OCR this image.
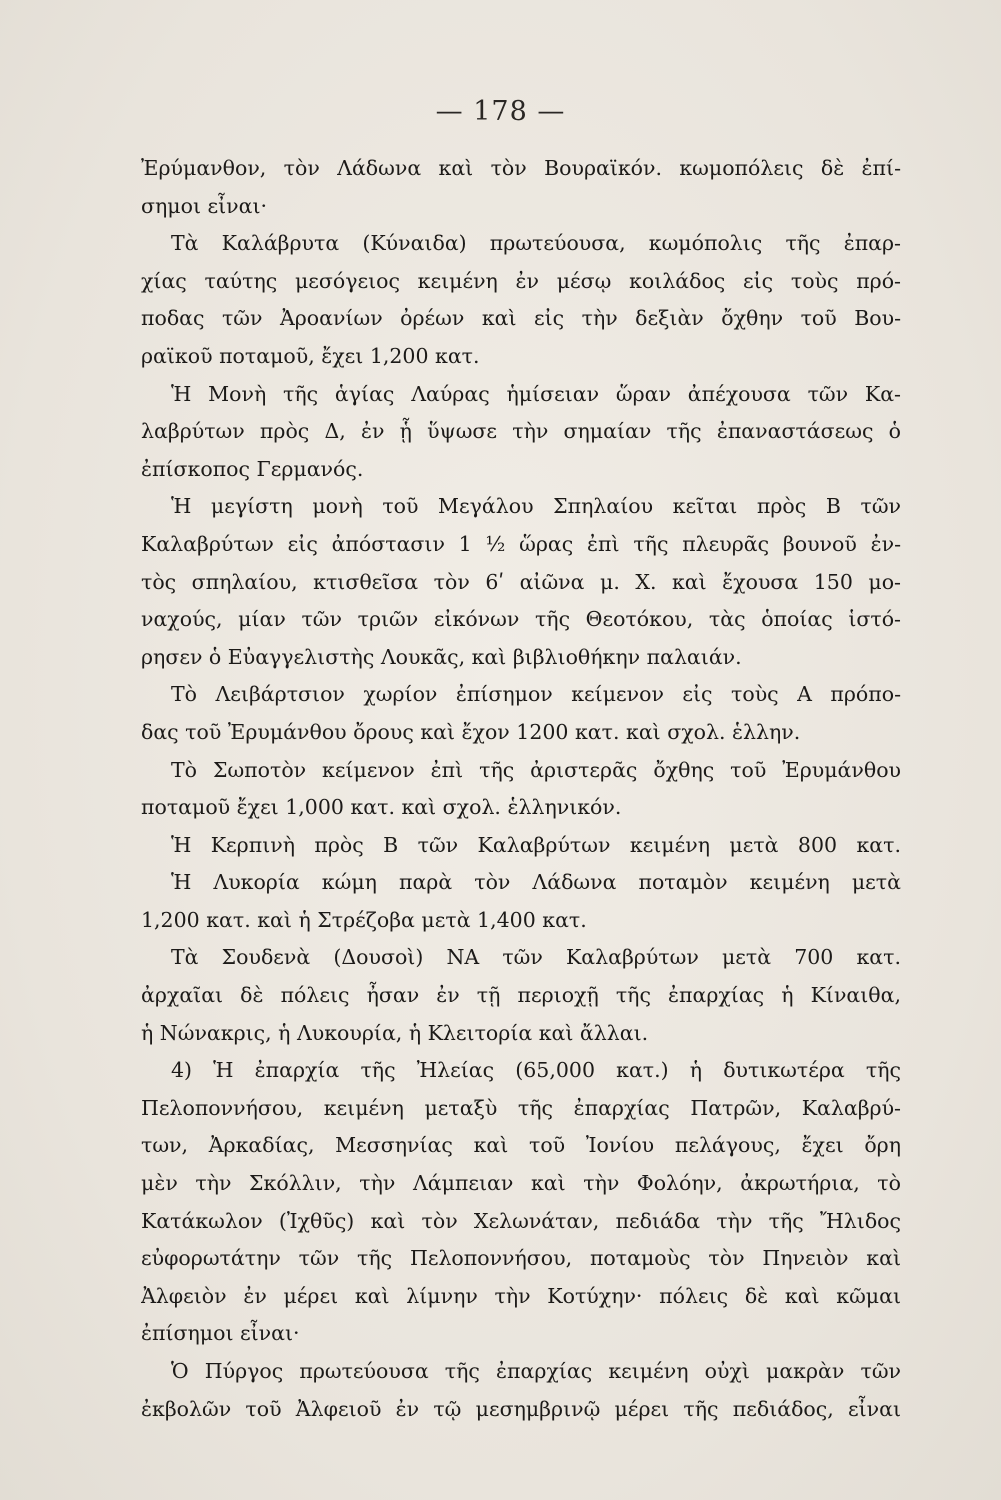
— 178 —
Ἐρύμανθον, τὸν Λάδωνα καὶ τὸν Βουραϊκόν. κωμοπόλεις δὲ ἐπί-
σημοι εἶναι·
Τὰ Καλάβρυτα (Κύναιδα) πρωτεύουσα, κωμόπολις τῆς ἐπαρ-
χίας ταύτης μεσόγειος κειμένη ἐν μέσῳ κοιλάδος εἰς τοὺς πρό-
ποδας τῶν Ἀροανίων ὀρέων καὶ εἰς τὴν δεξιὰν ὄχθην τοῦ Βου-
ραϊκοῦ ποταμοῦ, ἔχει 1,200 κατ.
Ἡ Μονὴ τῆς ἁγίας Λαύρας ἡμίσειαν ὥραν ἀπέχουσα τῶν Κα-
λαβρύτων πρὸς Δ, ἐν ᾗ ὕψωσε τὴν σημαίαν τῆς ἐπαναστάσεως ὁ
ἐπίσκοπος Γερμανός.
Ἡ μεγίστη μονὴ τοῦ Μεγάλου Σπηλαίου κεῖται πρὸς Β τῶν
Καλαβρύτων εἰς ἀπόστασιν 1 ½ ὥρας ἐπὶ τῆς πλευρᾶς βουνοῦ ἐν-
τὸς σπηλαίου, κτισθεῖσα τὸν 6ʹ αἰῶνα μ. Χ. καὶ ἔχουσα 150 μο-
ναχούς, μίαν τῶν τριῶν εἰκόνων τῆς Θεοτόκου, τὰς ὁποίας ἱστό-
ρησεν ὁ Εὐαγγελιστὴς Λουκᾶς, καὶ βιβλιοθήκην παλαιάν.
Τὸ Λειβάρτσιον χωρίον ἐπίσημον κείμενον εἰς τοὺς Α πρόπο-
δας τοῦ Ἐρυμάνθου ὄρους καὶ ἔχον 1200 κατ. καὶ σχολ. ἑλλην.
Τὸ Σωποτὸν κείμενον ἐπὶ τῆς ἀριστερᾶς ὄχθης τοῦ Ἐρυμάνθου
ποταμοῦ ἔχει 1,000 κατ. καὶ σχολ. ἑλληνικόν.
Ἡ Κερπινὴ πρὸς Β τῶν Καλαβρύτων κειμένη μετὰ 800 κατ.
Ἡ Λυκορία κώμη παρὰ τὸν Λάδωνα ποταμὸν κειμένη μετὰ
1,200 κατ. καὶ ἡ Στρέζοβα μετὰ 1,400 κατ.
Τὰ Σουδενὰ (Δουσοὶ) ΝΑ τῶν Καλαβρύτων μετὰ 700 κατ.
ἀρχαῖαι δὲ πόλεις ἦσαν ἐν τῇ περιοχῇ τῆς ἐπαρχίας ἡ Κίναιθα,
ἡ Νώνακρις, ἡ Λυκουρία, ἡ Κλειτορία καὶ ἄλλαι.
4) Ἡ ἐπαρχία τῆς Ἠλείας (65,000 κατ.) ἡ δυτικωτέρα τῆς
Πελοποννήσου, κειμένη μεταξὺ τῆς ἐπαρχίας Πατρῶν, Καλαβρύ-
των, Ἀρκαδίας, Μεσσηνίας καὶ τοῦ Ἰονίου πελάγους, ἔχει ὄρη
μὲν τὴν Σκόλλιν, τὴν Λάμπειαν καὶ τὴν Φολόην, ἀκρωτήρια, τὸ
Κατάκωλον (Ἰχθῦς) καὶ τὸν Χελωνάταν, πεδιάδα τὴν τῆς Ἤλιδος
εὐφορωτάτην τῶν τῆς Πελοποννήσου, ποταμοὺς τὸν Πηνειὸν καὶ
Ἀλφειὸν ἐν μέρει καὶ λίμνην τὴν Κοτύχην· πόλεις δὲ καὶ κῶμαι
ἐπίσημοι εἶναι·
Ὁ Πύργος πρωτεύουσα τῆς ἐπαρχίας κειμένη οὐχὶ μακρὰν τῶν
ἐκβολῶν τοῦ Ἀλφειοῦ ἐν τῷ μεσημβρινῷ μέρει τῆς πεδιάδος, εἶναι
